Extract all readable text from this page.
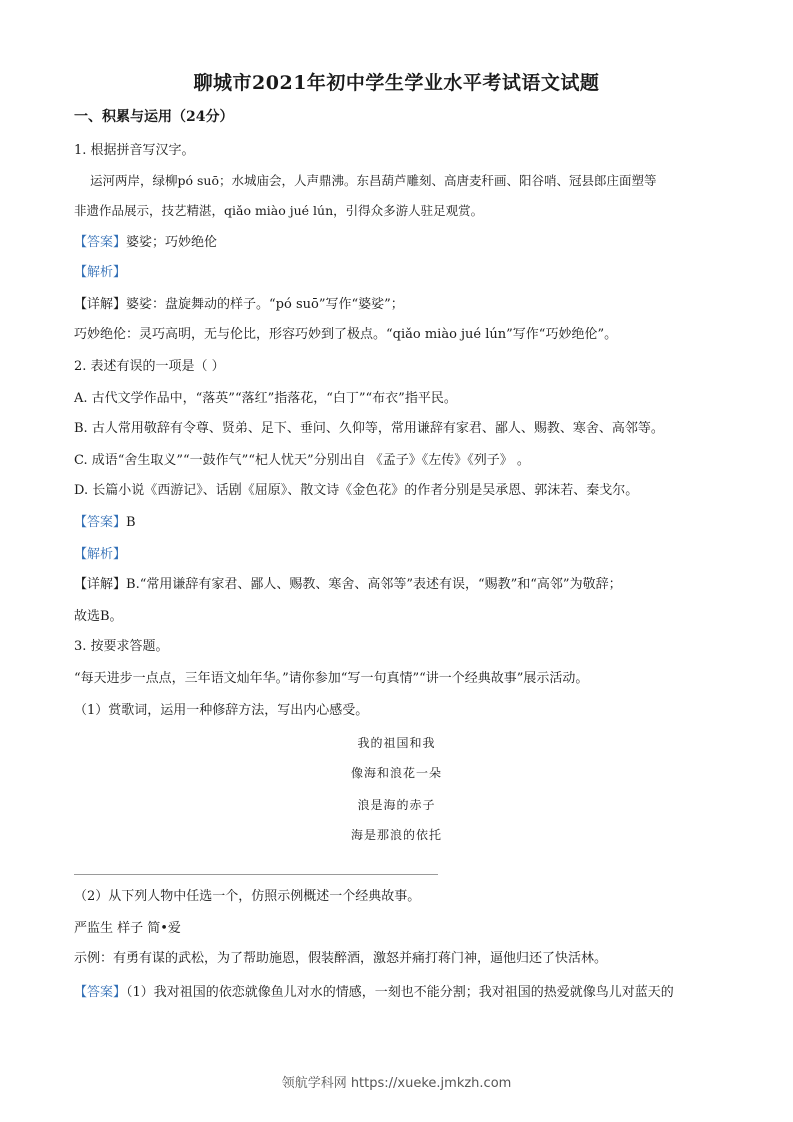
聊城市2021年初中学生学业水平考试语文试题
一、积累与运用（24分）
1. 根据拼音写汉字。
运河两岸，绿柳pó suō；水城庙会，人声鼎沸。东昌葫芦雕刻、高唐麦秆画、阳谷哨、冠县郎庄面塑等
非遗作品展示，技艺精湛，qiǎo miào jué lún，引得众多游人驻足观赏。
【答案】婆娑；巧妙绝伦
【解析】
【详解】婆娑：盘旋舞动的样子。“pó suō”写作“婆娑”；
巧妙绝伦：灵巧高明，无与伦比，形容巧妙到了极点。“qiǎo miào jué lún”写作“巧妙绝伦”。
2. 表述有误的一项是（ ）
A. 古代文学作品中，“落英”“落红”指落花，“白丁”“布衣”指平民。
B. 古人常用敬辞有令尊、贤弟、足下、垂问、久仰等，常用谦辞有家君、鄙人、赐教、寒舍、高邻等。
C. 成语“舍生取义”“一鼓作气”“杞人忧天”分别出自 《孟子》《左传》《列子》 。
D. 长篇小说《西游记》、话剧《屈原》、散文诗《金色花》的作者分别是吴承恩、郭沫若、秦戈尔。
【答案】B
【解析】
【详解】B.“常用谦辞有家君、鄙人、赐教、寒舍、高邻等”表述有误，“赐教”和“高邻”为敬辞；
故选B。
3. 按要求答题。
“每天进步一点点，三年语文灿年华。”请你参加“写一句真情”“讲一个经典故事”展示活动。
（1）赏歌词，运用一种修辞方法，写出内心感受。
我的祖国和我
像海和浪花一朵
浪是海的赤子
海是那浪的依托
（2）从下列人物中任选一个，仿照示例概述一个经典故事。
严监生 样子 简•爱
示例：有勇有谋的武松，为了帮助施恩，假装醉酒，激怒并痛打蒋门神，逼他归还了快活林。
【答案】（1）我对祖国的依恋就像鱼儿对水的情感，一刻也不能分割；我对祖国的热爱就像鸟儿对蓝天的
领航学科网 https://xueke.jmkzh.com
